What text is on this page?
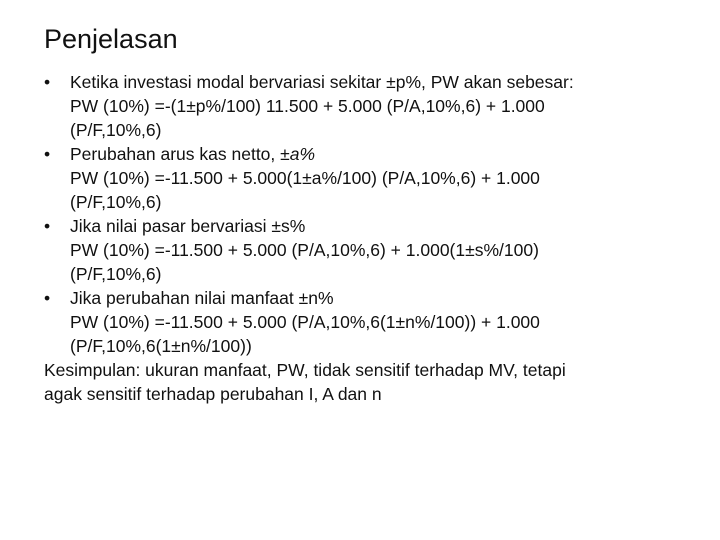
Penjelasan
•	Ketika investasi modal bervariasi sekitar ±p%, PW akan sebesar:
PW (10%) =-(1±p%/100) 11.500 + 5.000 (P/A,10%,6) + 1.000
(P/F,10%,6)
•	Perubahan arus kas netto, ±a%
PW (10%) =-11.500 + 5.000(1±a%/100) (P/A,10%,6) + 1.000
(P/F,10%,6)
•	Jika nilai pasar bervariasi ±s%
PW (10%) =-11.500 + 5.000 (P/A,10%,6) + 1.000(1±s%/100)
(P/F,10%,6)
•	Jika perubahan nilai manfaat ±n%
PW (10%) =-11.500 + 5.000 (P/A,10%,6(1±n%/100)) + 1.000
(P/F,10%,6(1±n%/100))
Kesimpulan: ukuran manfaat, PW, tidak sensitif terhadap MV, tetapi
agak sensitif terhadap perubahan I, A dan n
